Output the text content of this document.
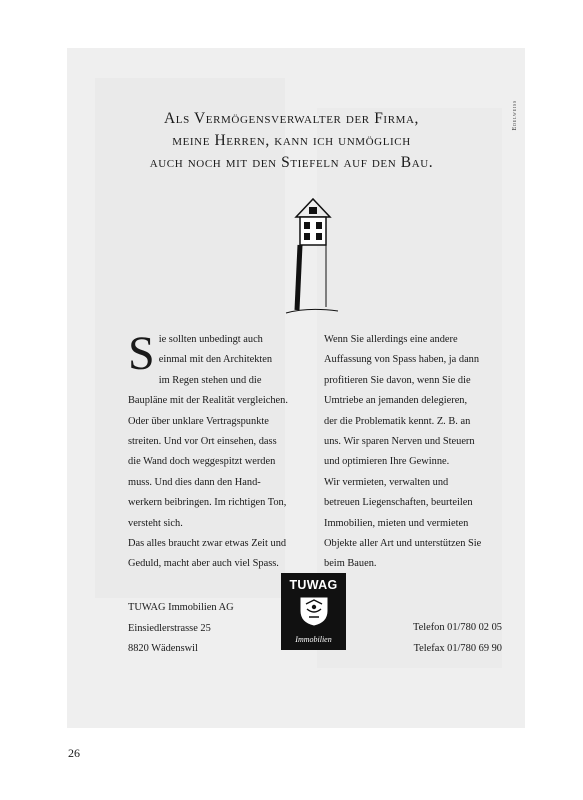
Edelweiss
Als Vermögensverwalter der Firma,
meine Herren, kann ich unmöglich
auch noch mit den Stiefeln auf den Bau.
S ie sollten unbedingt auch

einmal mit den Architekten

im Regen stehen und die

Baupläne mit der Realität vergleichen.

Oder über unklare Vertragspunkte

streiten. Und vor Ort einsehen, dass

die Wand doch weggespitzt werden

muss. Und dies dann den Hand-

werkern beibringen. Im richtigen Ton,

versteht sich.

Das alles braucht zwar etwas Zeit und

Geduld, macht aber auch viel Spass.

Wenn Sie allerdings eine andere

Auffassung von Spass haben, ja dann

profitieren Sie davon, wenn Sie die

Umtriebe an jemanden delegieren,

der die Problematik kennt. Z. B. an

uns. Wir sparen Nerven und Steuern

und optimieren Ihre Gewinne.

Wir vermieten, verwalten und

betreuen Liegenschaften, beurteilen

Immobilien, mieten und vermieten

Objekte aller Art und unterstützen Sie

beim Bauen.

TUWAG Immobilien AG
Einsiedlerstrasse 25
8820 Wädenswil
TUWAG
Immobilien
Telefon 01/780 02 05
Telefax 01/780 69 90
26
